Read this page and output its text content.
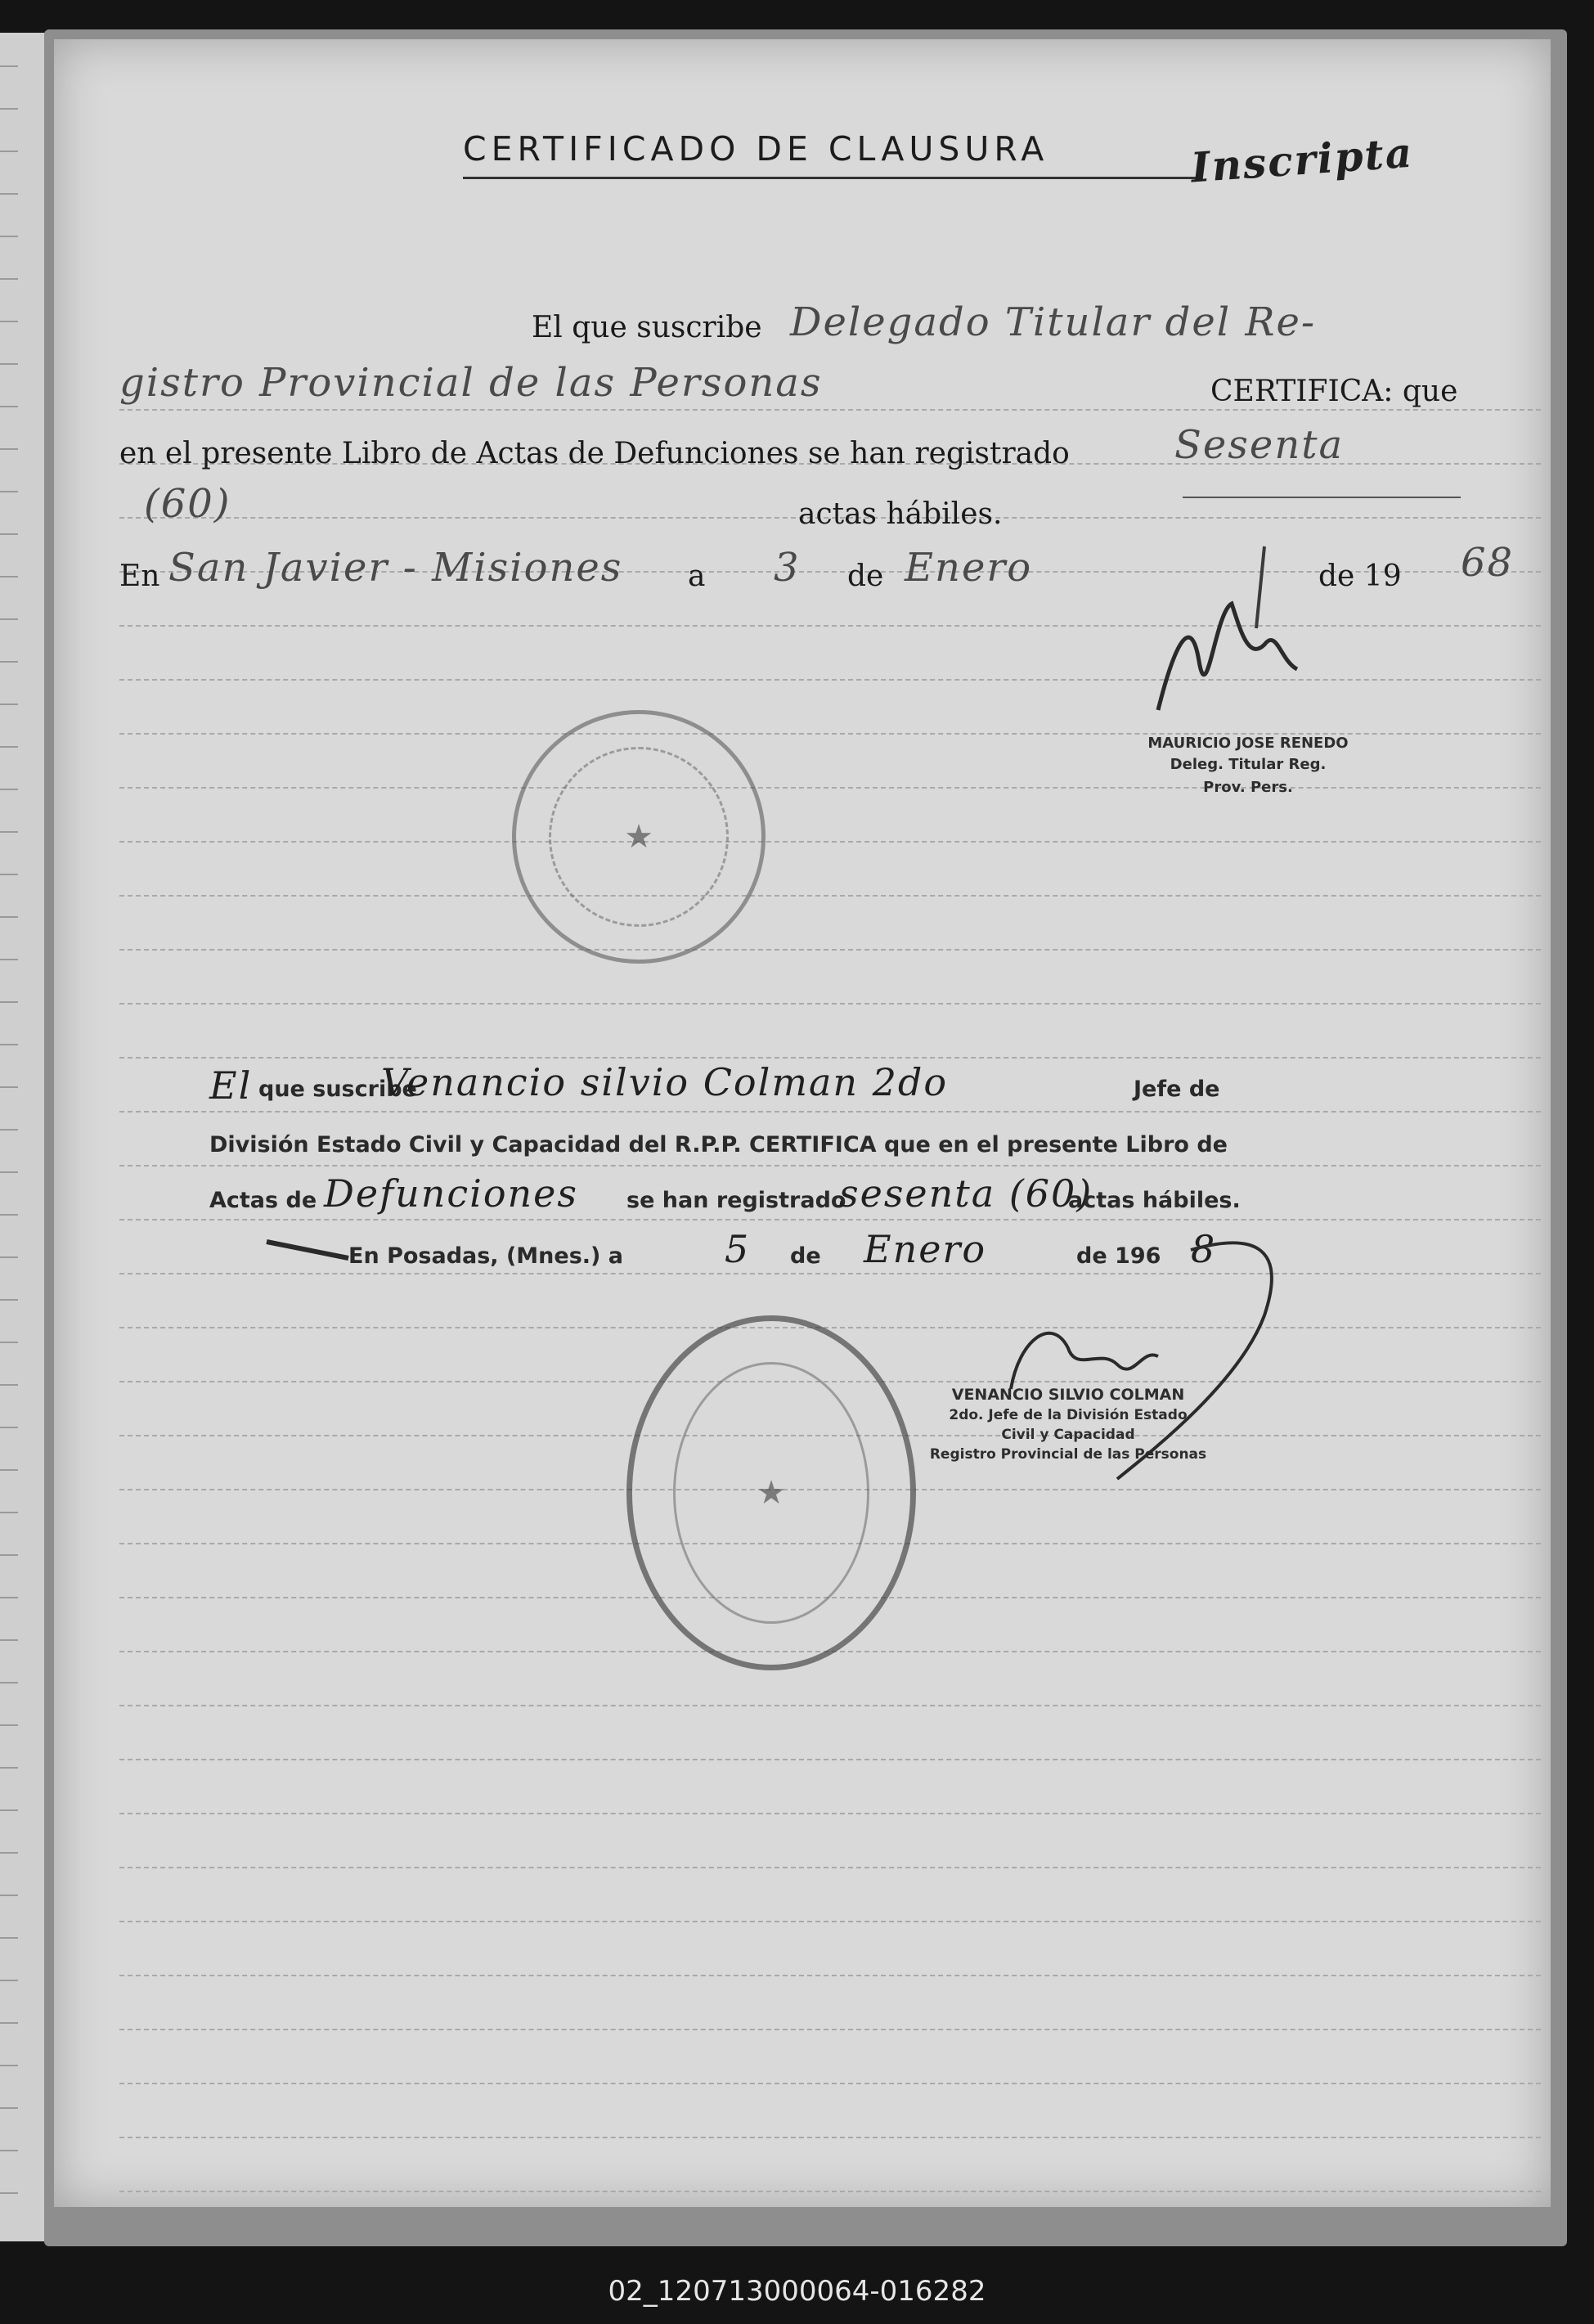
CERTIFICADO DE CLAUSURA	Inscripta
El que suscribe Delegado Titular del Re-
gistro Provincial de las Personas	CERTIFICA: que
en el presente Libro de Actas de Defunciones se han registrado	Sesenta
(60)	actas hábiles.
En San Javier - Misiones a 3 de Enero	de 19 68
★
MAURICIO JOSE RENEDO
Deleg. Titular Reg.
Prov. Pers.
El que suscribe
Venancio silvio Colman 2do	Jefe de
División Estado Civil y Capacidad del R.P.P. CERTIFICA que en el presente Libro de
Actas de Defunciones se han registrado
sesenta (60)
actas hábiles.
En Posadas, (Mnes.) a	5 de Enero	de 196 8
★
VENANCIO SILVIO COLMAN
2do. Jefe de la División Estado
Civil y Capacidad
Registro Provincial de las Personas
02_120713000064-016282
